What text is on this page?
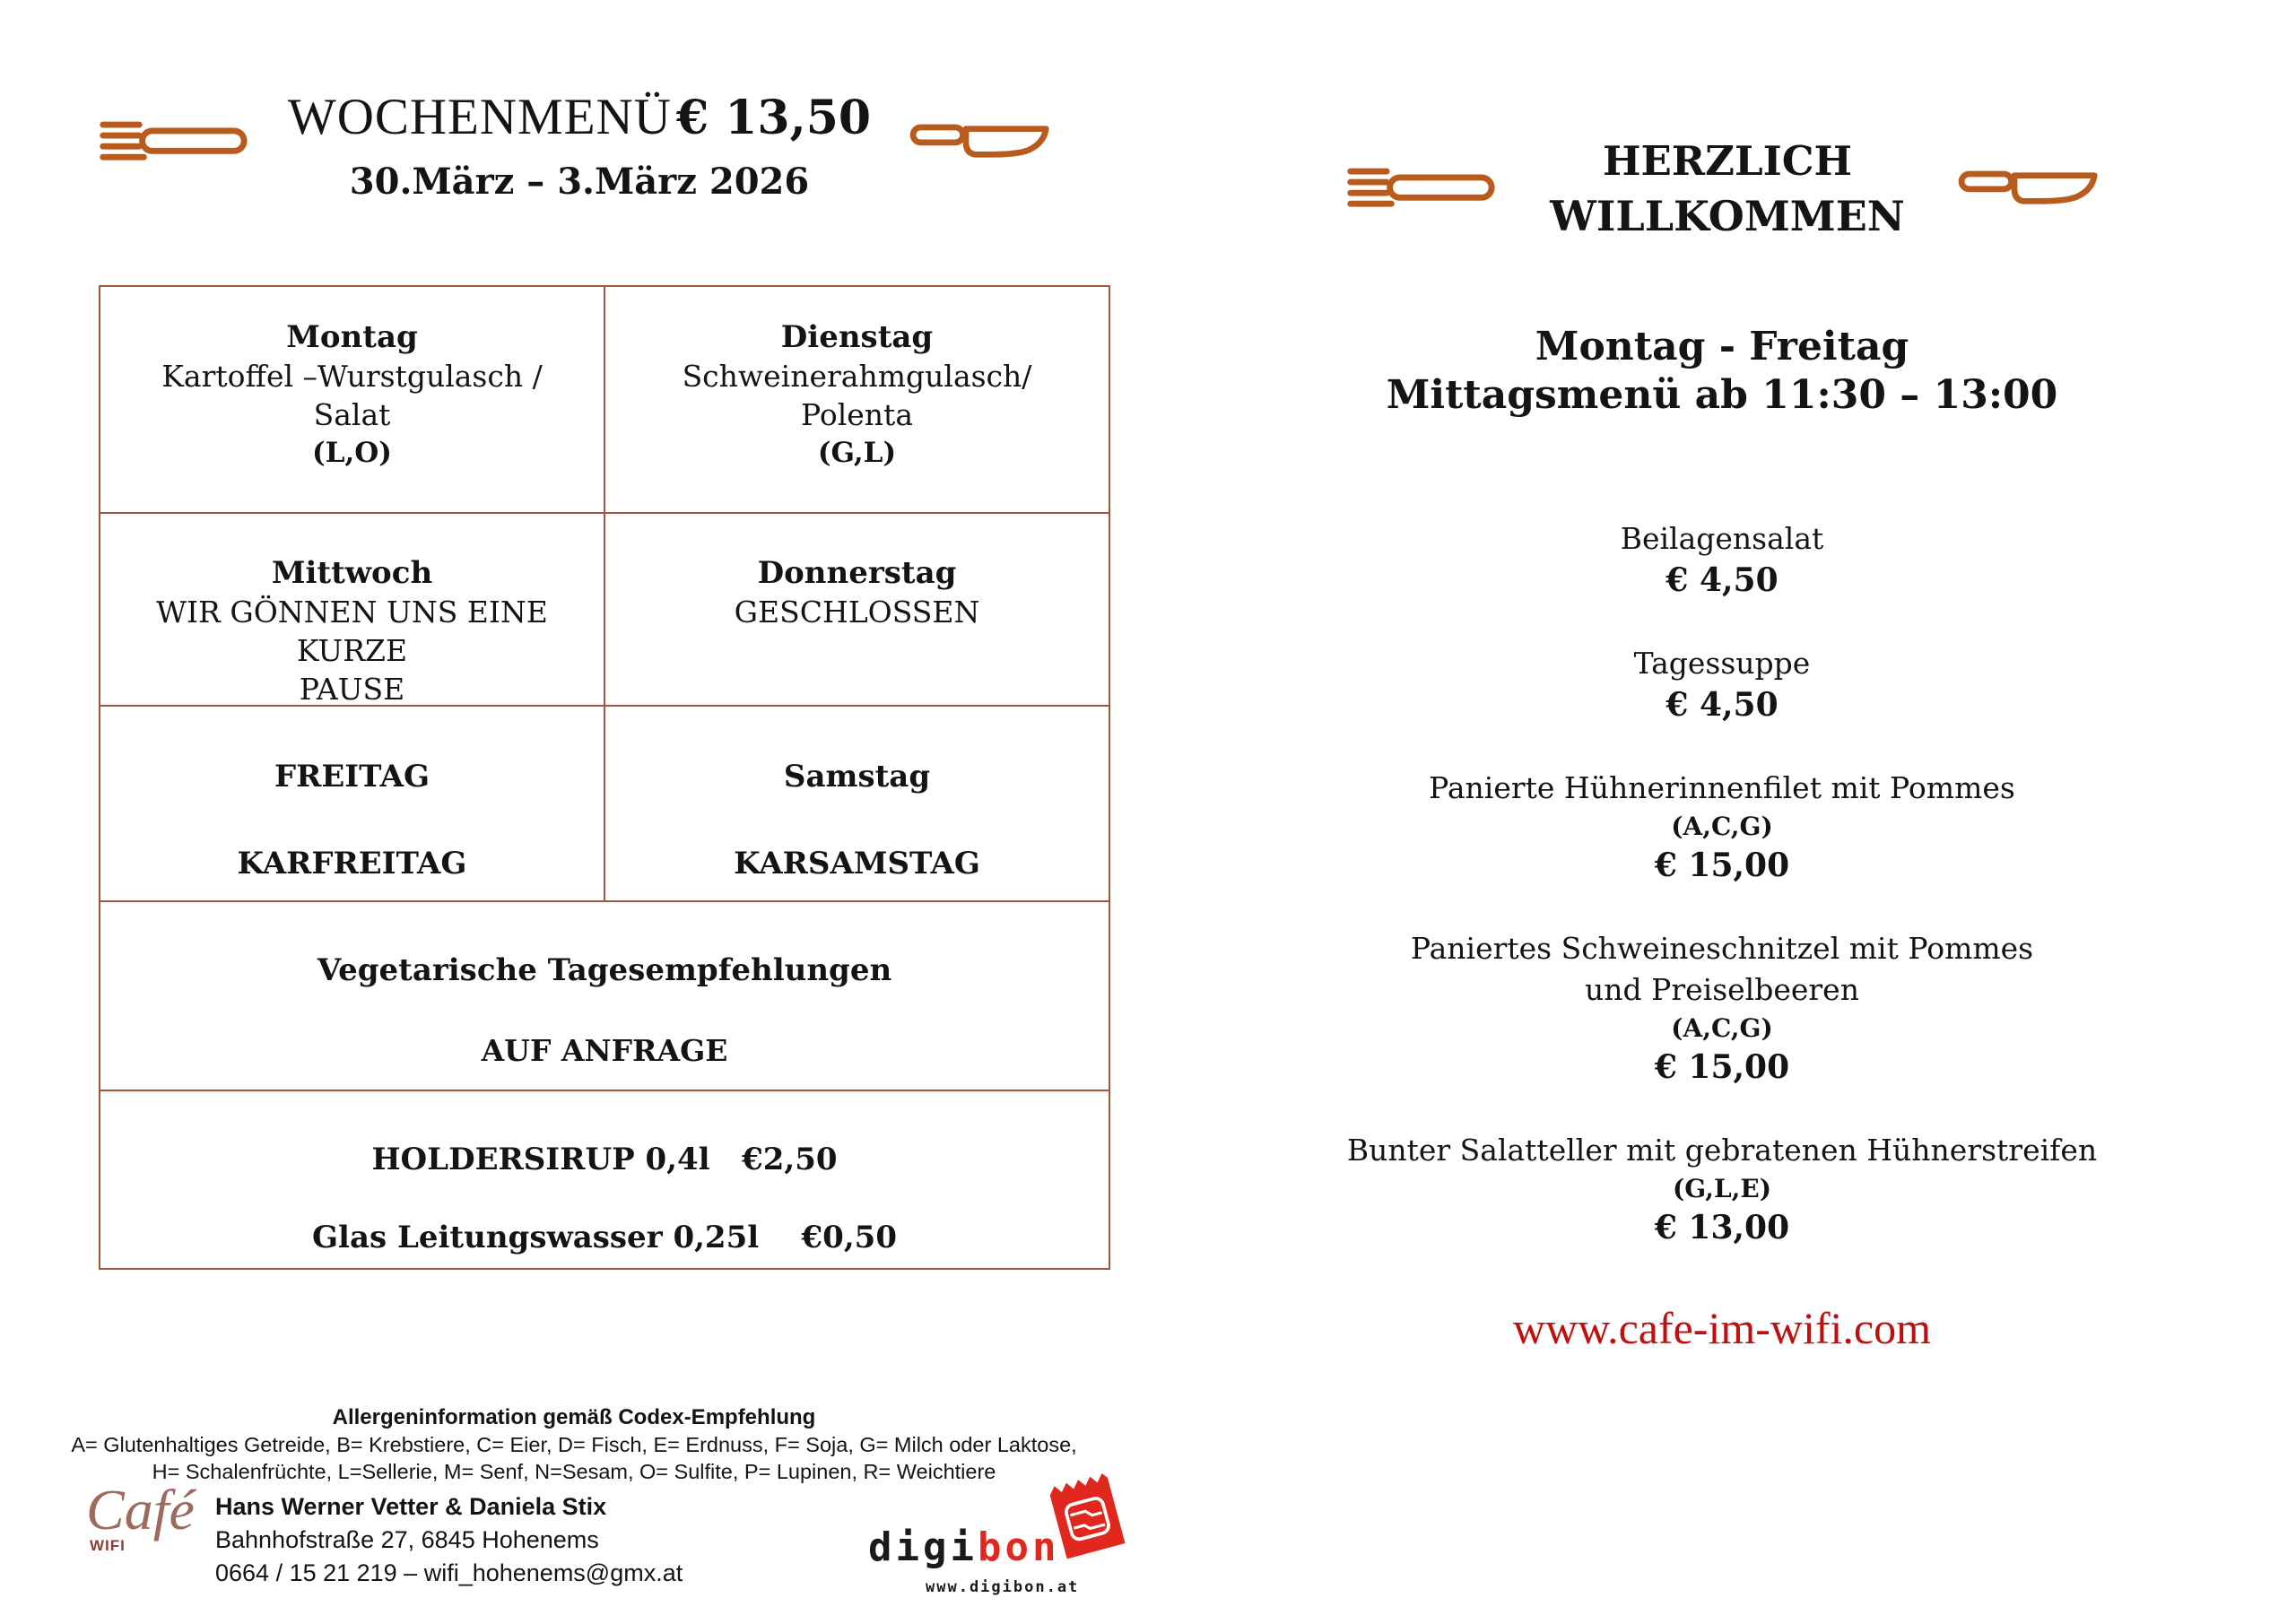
WOCHENMENÜ € 13,50
30.März – 3.März 2026
Montag
Kartoffel –Wurstgulasch /
Salat
(L,O)
Dienstag
Schweinerahmgulasch/
Polenta
(G,L)
Mittwoch
WIR GÖNNEN UNS EINE KURZE
PAUSE
Donnerstag
GESCHLOSSEN
FREITAG
KARFREITAG
Samstag
KARSAMSTAG
Vegetarische Tagesempfehlungen
AUF ANFRAGE
HOLDERSIRUP 0,4l   €2,50
Glas Leitungswasser 0,25l    €0,50
Allergeninformation gemäß Codex-Empfehlung
A= Glutenhaltiges Getreide, B= Krebstiere, C= Eier, D= Fisch, E= Erdnuss, F= Soja, G= Milch oder Laktose,
H= Schalenfrüchte, L=Sellerie, M= Senf, N=Sesam, O= Sulfite, P= Lupinen, R= Weichtiere
Café
WIFI
Hans Werner Vetter & Daniela Stix
Bahnhofstraße 27, 6845 Hohenems
0664 / 15 21 219 – wifi_hohenems@gmx.at
digibon
www.digibon.at
HERZLICH
WILLKOMMEN
Montag - Freitag
Mittagsmenü ab 11:30 – 13:00
Beilagensalat
€ 4,50
Tagessuppe
€ 4,50
Panierte Hühnerinnenfilet mit Pommes
(A,C,G)
€ 15,00
Paniertes Schweineschnitzel mit Pommes
und Preiselbeeren
(A,C,G)
€ 15,00
Bunter Salatteller mit gebratenen Hühnerstreifen
(G,L,E)
€ 13,00
www.cafe-im-wifi.com
